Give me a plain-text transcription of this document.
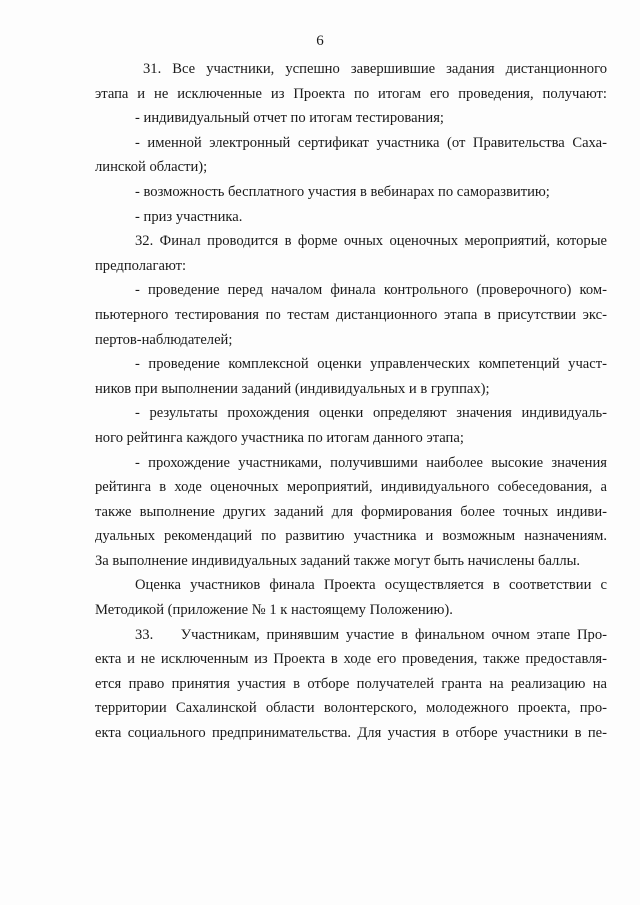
6
31. Все участники, успешно завершившие задания дистанционного
этапа и не исключенные из Проекта по итогам его проведения, получают:
- индивидуальный отчет по итогам тестирования;
- именной электронный сертификат участника (от Правительства Саха-
линской области);
- возможность бесплатного участия в вебинарах по саморазвитию;
- приз участника.
32. Финал проводится в форме очных оценочных мероприятий, которые
предполагают:
- проведение перед началом финала контрольного (проверочного) ком-
пьютерного тестирования по тестам дистанционного этапа в присутствии экс-
пертов-наблюдателей;
- проведение комплексной оценки управленческих компетенций участ-
ников при выполнении заданий (индивидуальных и в группах);
- результаты прохождения оценки определяют значения индивидуаль-
ного рейтинга каждого участника по итогам данного этапа;
- прохождение участниками, получившими наиболее высокие значения
рейтинга в ходе оценочных мероприятий, индивидуального собеседования, а
также выполнение других заданий для формирования более точных индиви-
дуальных рекомендаций по развитию участника и возможным назначениям.
За выполнение индивидуальных заданий также могут быть начислены баллы.
Оценка участников финала Проекта осуществляется в соответствии с
Методикой (приложение № 1 к настоящему Положению).
33.    Участникам, принявшим участие в финальном очном этапе Про-
екта и не исключенным из Проекта в ходе его проведения, также предоставля-
ется право принятия участия в отборе получателей гранта на реализацию на
территории Сахалинской области волонтерского, молодежного проекта, про-
екта социального предпринимательства. Для участия в отборе участники в пе-
